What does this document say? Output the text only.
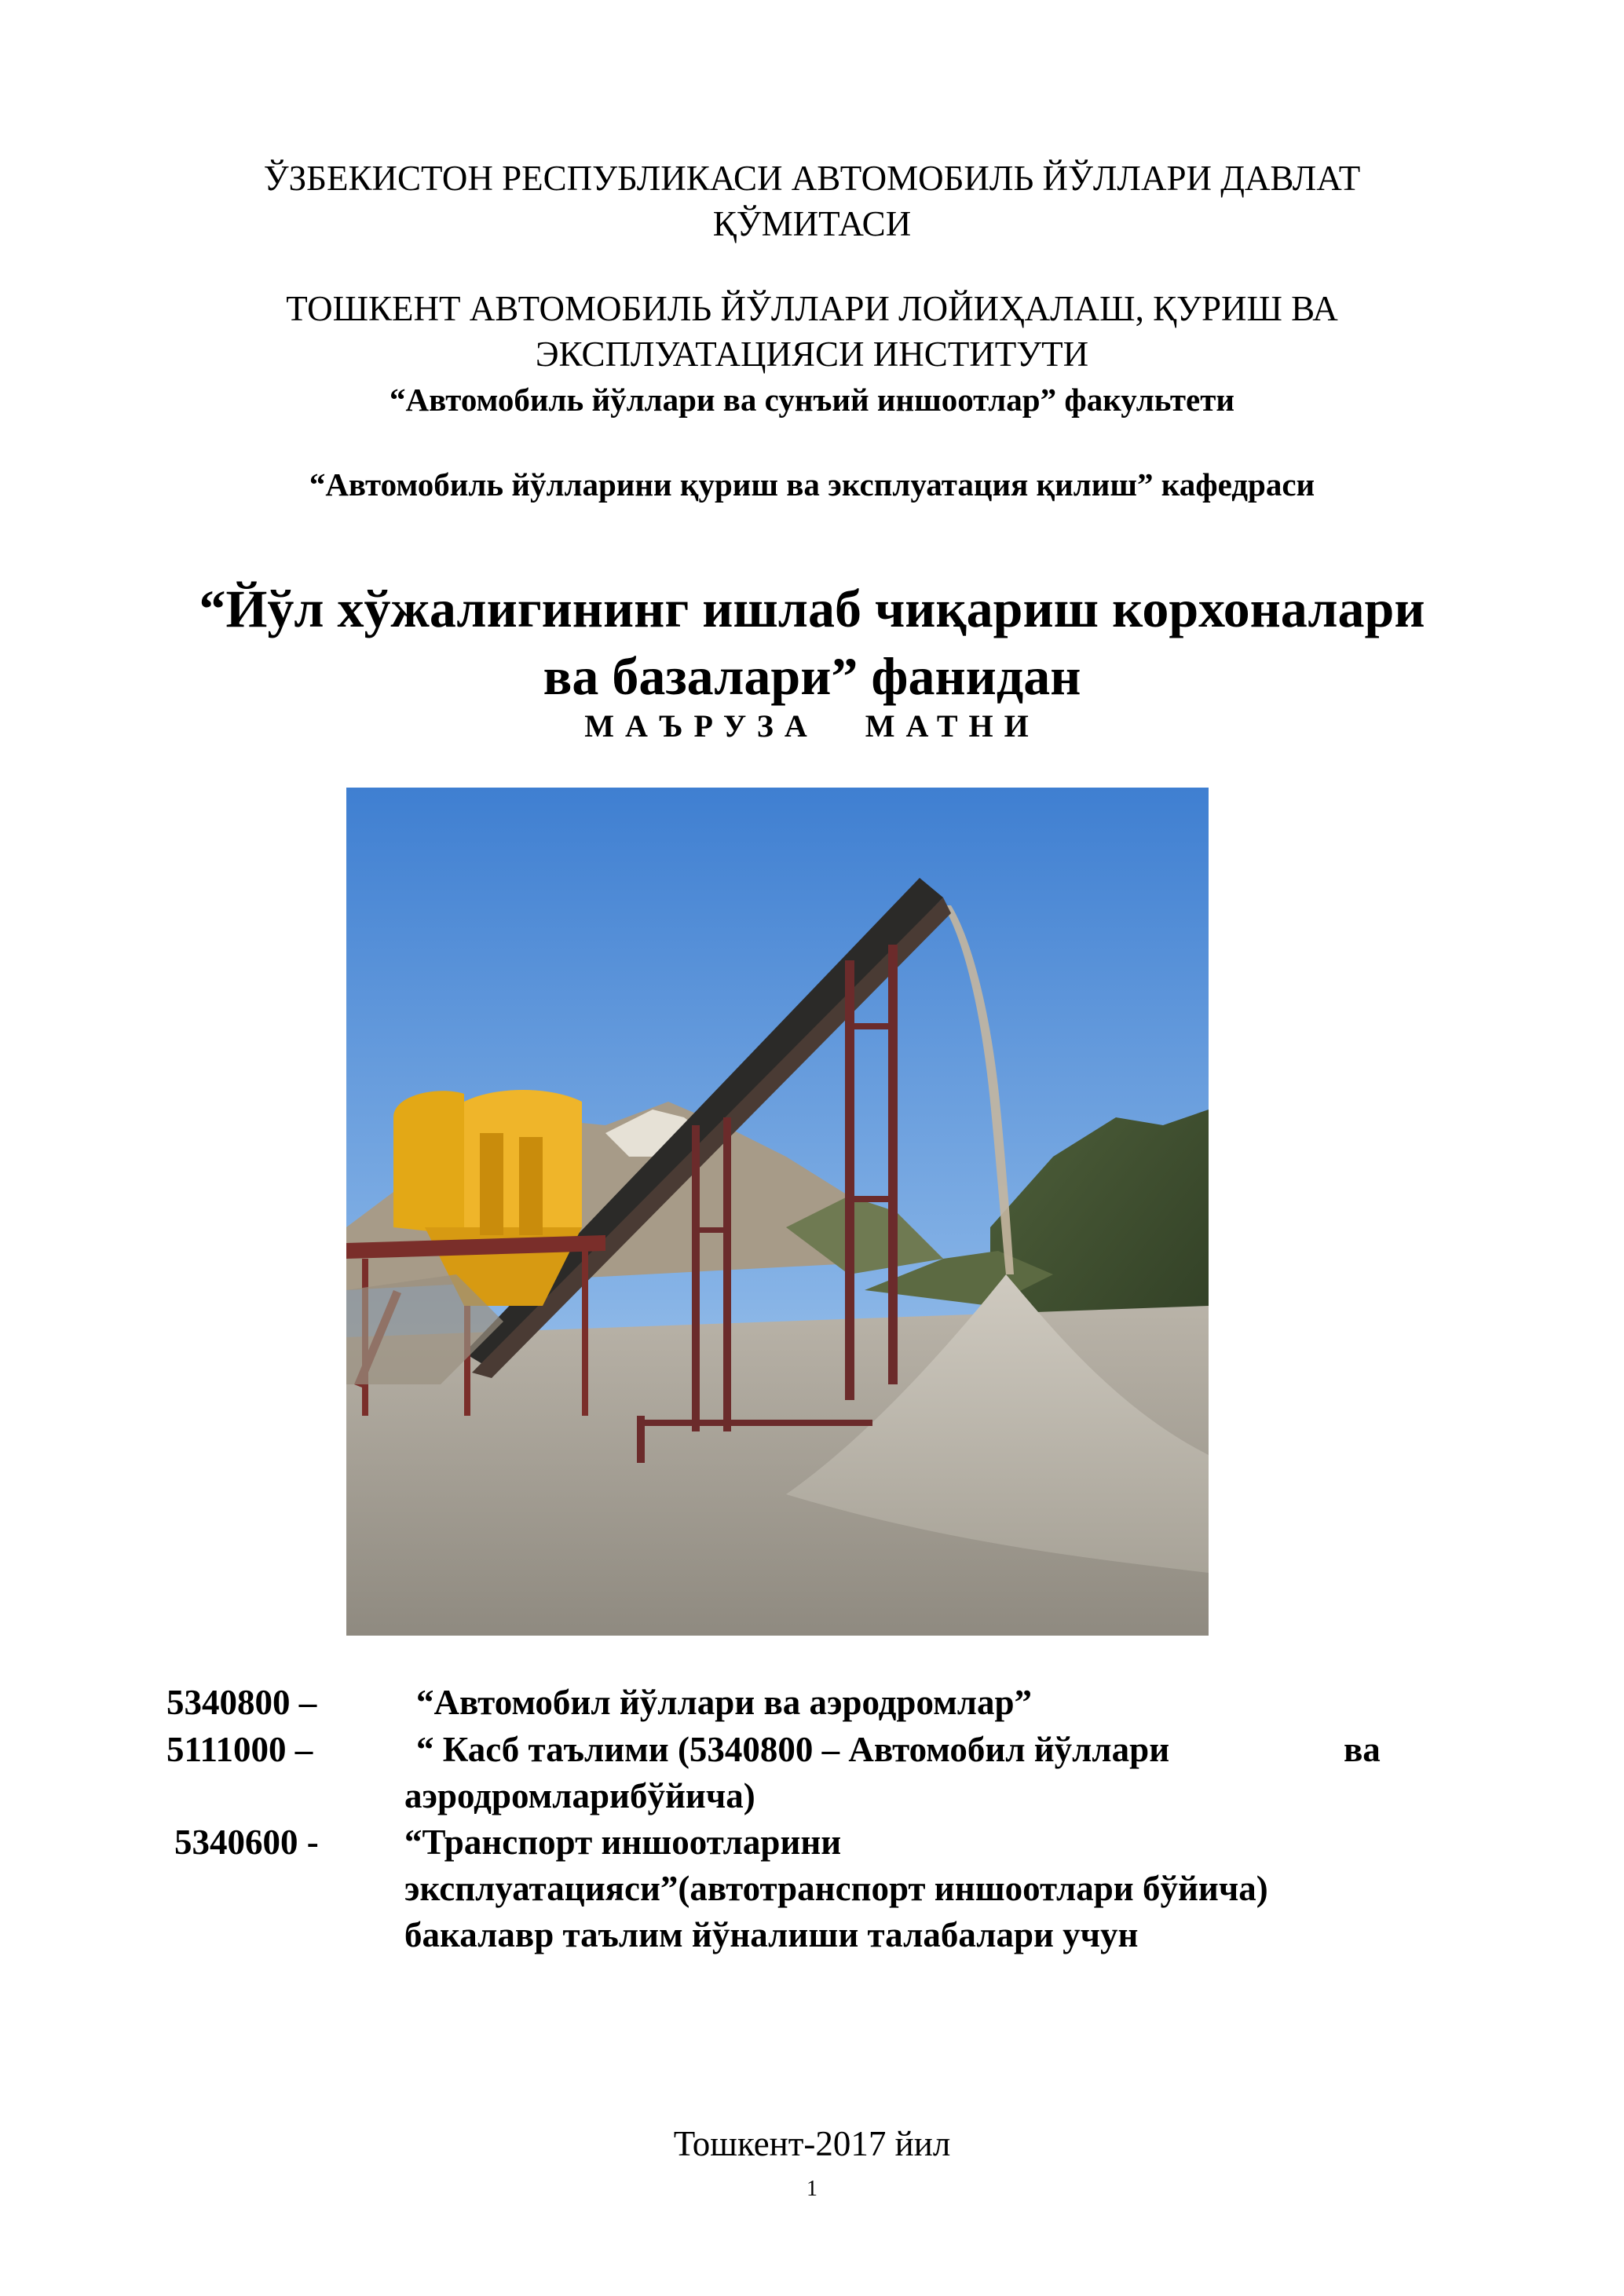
ЎЗБЕКИСТОН РЕСПУБЛИКАСИ АВТОМОБИЛЬ ЙЎЛЛАРИ ДАВЛАТ
ҚЎМИТАСИ
ТОШКЕНТ АВТОМОБИЛЬ ЙЎЛЛАРИ ЛОЙИҲАЛАШ, ҚУРИШ ВА
ЭКСПЛУАТАЦИЯСИ ИНСТИТУТИ
“Автомобиль йўллари ва сунъий иншоотлар” факультети
“Автомобиль йўлларини қуриш ва эксплуатация қилиш” кафедраси
“Йўл хўжалигининг ишлаб чиқариш корхоналари
ва базалари” фанидан
МАЪРУЗА МАТНИ
5340800 –	“Автомобил йўллари ва аэродромлар”
5111000 –	“ Касб таълими (5340800 – Автомобил йўллари	ва
аэродромларибўйича)
5340600 - “Транспорт иншоотларини
эксплуатацияси”(автотранспорт иншоотлари бўйича)
бакалавр таълим йўналиши талабалари учун
Тошкент-2017 йил
1
